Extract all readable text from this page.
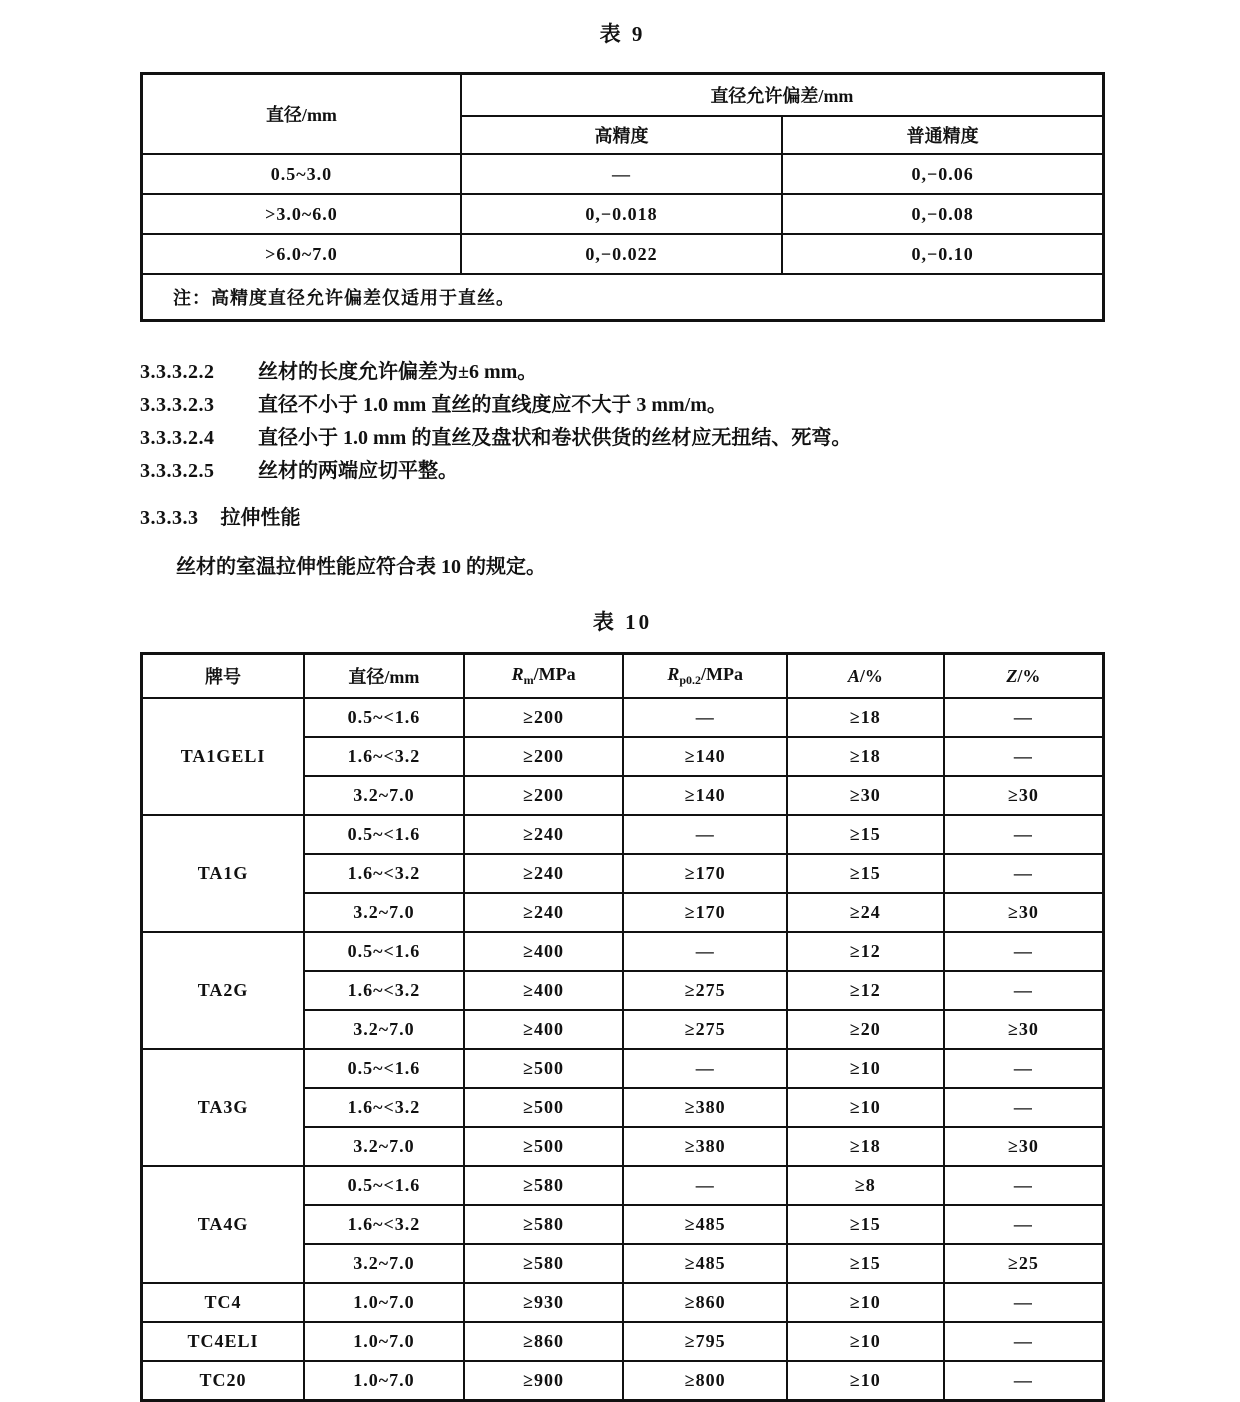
表 9
直径/mm	直径允许偏差/mm	
	高精度	普通精度
0.5~3.0	—	0,−0.06
>3.0~6.0	0,−0.018	0,−0.08
>6.0~7.0	0,−0.022	0,−0.10
注：高精度直径允许偏差仅适用于直丝。		

3.3.3.2.2 丝材的长度允许偏差为±6 mm。

3.3.3.2.3 直径不小于 1.0 mm 直丝的直线度应不大于 3 mm/m。

3.3.3.2.4 直径小于 1.0 mm 的直丝及盘状和卷状供货的丝材应无扭结、死弯。

3.3.3.2.5 丝材的两端应切平整。

3.3.3.3 拉伸性能

丝材的室温拉伸性能应符合表 10 的规定。

表 10
牌号	直径/mm	$R_m$/MPa	$R_{p0.2}$/MPa	A/%	Z/%
TA1GELI	0.5~<1.6	≥200	—	≥18	—
	1.6~<3.2	≥200	≥140	≥18	—
	3.2~7.0	≥200	≥140	≥30	≥30
TA1G	0.5~<1.6	≥240	—	≥15	—
	1.6~<3.2	≥240	≥170	≥15	—
	3.2~7.0	≥240	≥170	≥24	≥30
TA2G	0.5~<1.6	≥400	—	≥12	—
	1.6~<3.2	≥400	≥275	≥12	—
	3.2~7.0	≥400	≥275	≥20	≥30
TA3G	0.5~<1.6	≥500	—	≥10	—
	1.6~<3.2	≥500	≥380	≥10	—
	3.2~7.0	≥500	≥380	≥18	≥30
TA4G	0.5~<1.6	≥580	—	≥8	—
	1.6~<3.2	≥580	≥485	≥15	—
	3.2~7.0	≥580	≥485	≥15	≥25
TC4	1.0~7.0	≥930	≥860	≥10	—
TC4ELI	1.0~7.0	≥860	≥795	≥10	—
TC20	1.0~7.0	≥900	≥800	≥10	—
